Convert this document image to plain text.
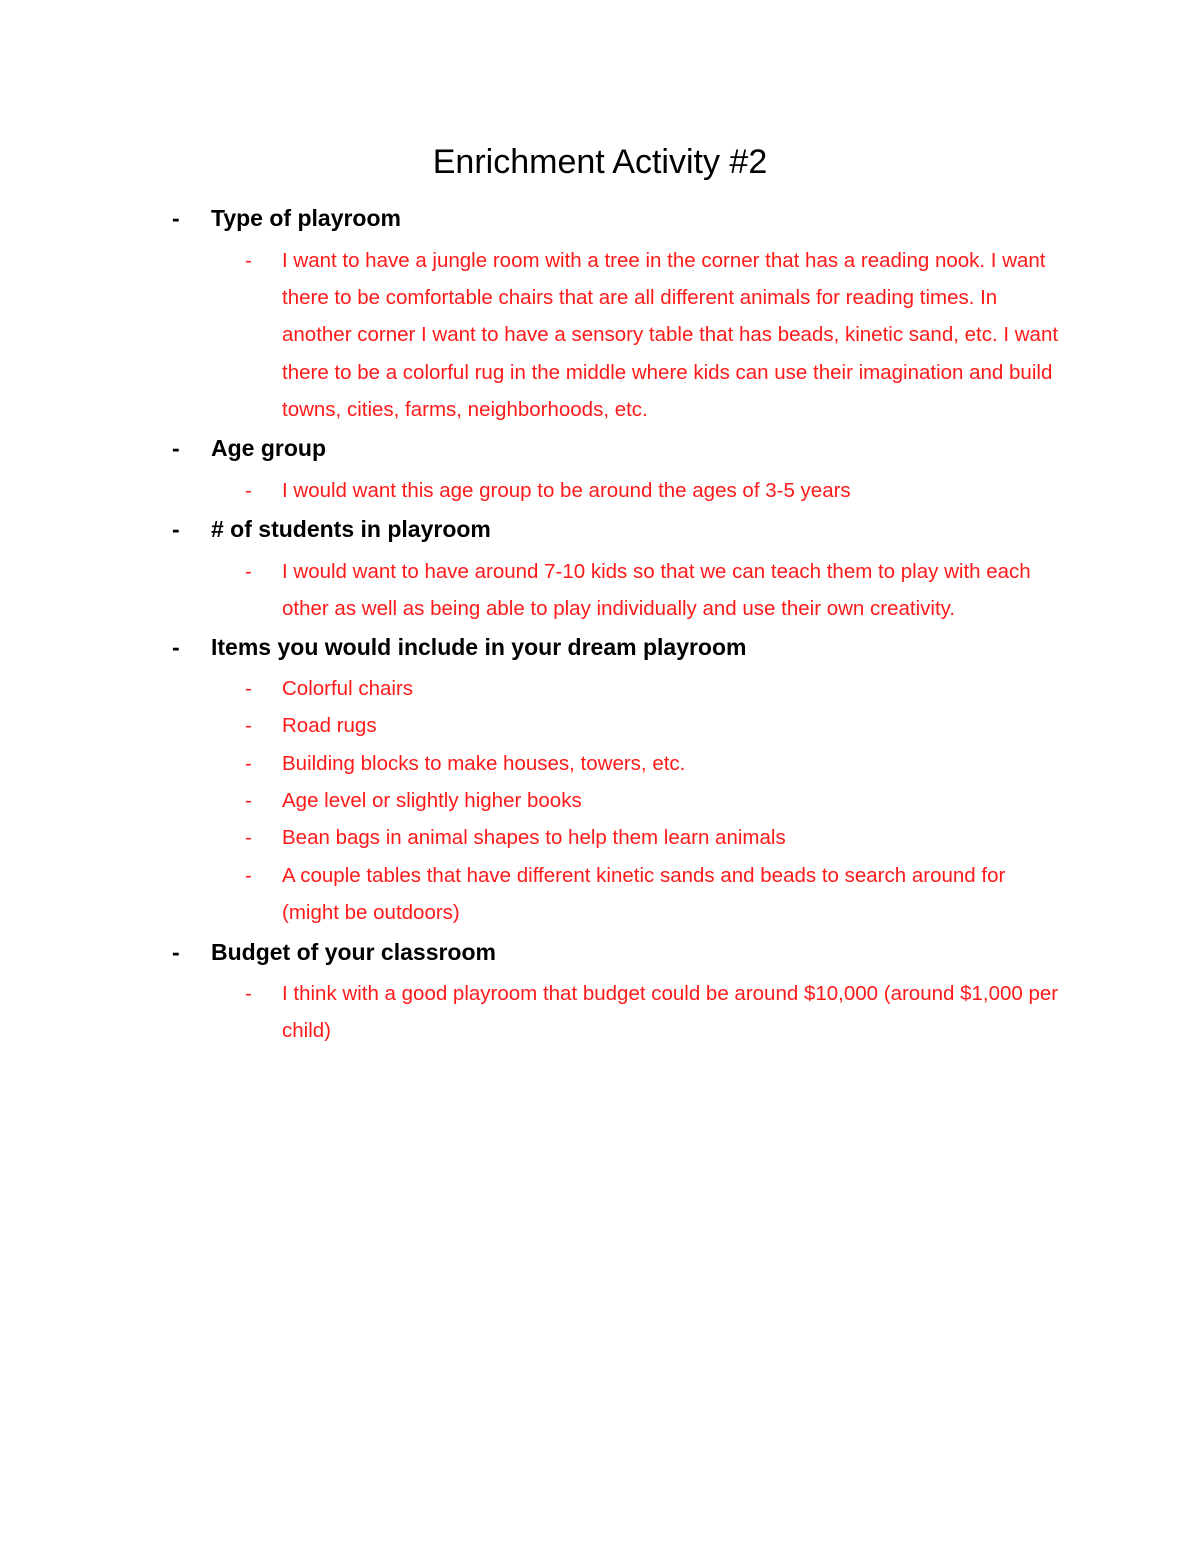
Enrichment Activity #2
- Type of playroom
- I want to have a jungle room with a tree in the corner that has a reading nook. I want there to be comfortable chairs that are all different animals for reading times. In another corner I want to have a sensory table that has beads, kinetic sand, etc. I want there to be a colorful rug in the middle where kids can use their imagination and build towns, cities, farms, neighborhoods, etc.
- Age group
- I would want this age group to be around the ages of 3-5 years
- # of students in playroom
- I would want to have around 7-10 kids so that we can teach them to play with each other as well as being able to play individually and use their own creativity.
- Items you would include in your dream playroom
- Colorful chairs
- Road rugs
- Building blocks to make houses, towers, etc.
- Age level or slightly higher books
- Bean bags in animal shapes to help them learn animals
- A couple tables that have different kinetic sands and beads to search around for (might be outdoors)
- Budget of your classroom
- I think with a good playroom that budget could be around $10,000 (around $1,000 per child)
